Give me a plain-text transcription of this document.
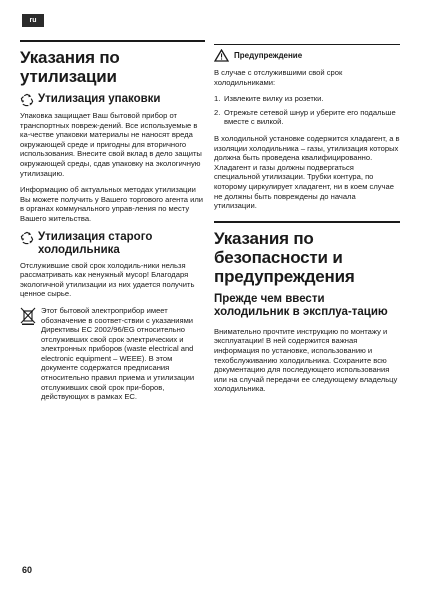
ru
Указания по утилизации
Утилизация упаковки

Упаковка защищает Ваш бытовой прибор от транспортных повреж-дений. Все используемые в ка-честве упаковки материалы не наносят вреда окружающей среде и пригодны для вторичного использования. Внесите свой вклад в дело защиты окружающей среды, сдав упаковку на экологичную утилизацию.

Информацию об актуальных методах утилизации Вы можете получить у Вашего торгового агента или в органах коммунального управ-ления по месту Вашего жительства.

Утилизация старого холодильника

Отслужившие свой срок холодиль-ники нельзя рассматривать как ненужный мусор! Благодаря экологичной утилизации из них удается получить ценное сырье.

Этот бытовой электроприбор имеет обозначение в соответ-ствии с указаниями Директивы ЕС 2002/96/EG относительно отслуживших свой срок электрических и электронных приборов (waste electrical and electronic equipment – WEEE). В этом документе содержатся предписания относительно правил приема и утилизации отслуживших свой срок при-боров, действующих в рамках ЕС.

Предупреждение

В случае с отслужившими свой срок холодильниками:

1. Извлеките вилку из розетки.
2. Отрежьте сетевой шнур и уберите его подальше вместе с вилкой.

В холодильной установке содержится хладагент, а в изоляции холодильника – газы, утилизация которых должна быть проведена квалифицированно. Хладагент и газы должны подвергаться специальной утилизации. Трубки контура, по которому циркулирует хладагент, ни в коем случае не должны быть повреждены до начала утилизации.

Указания по безопасности и предупреждения
Прежде чем ввести холодильник в эксплуа-тацию

Внимательно прочтите инструкцию по монтажу и эксплуатации! В ней содержится важная информация по установке, использованию и техобслуживанию холодильника. Сохраните всю документацию для последующего использования или на случай передачи ее следующему владельцу холодильника.

60
